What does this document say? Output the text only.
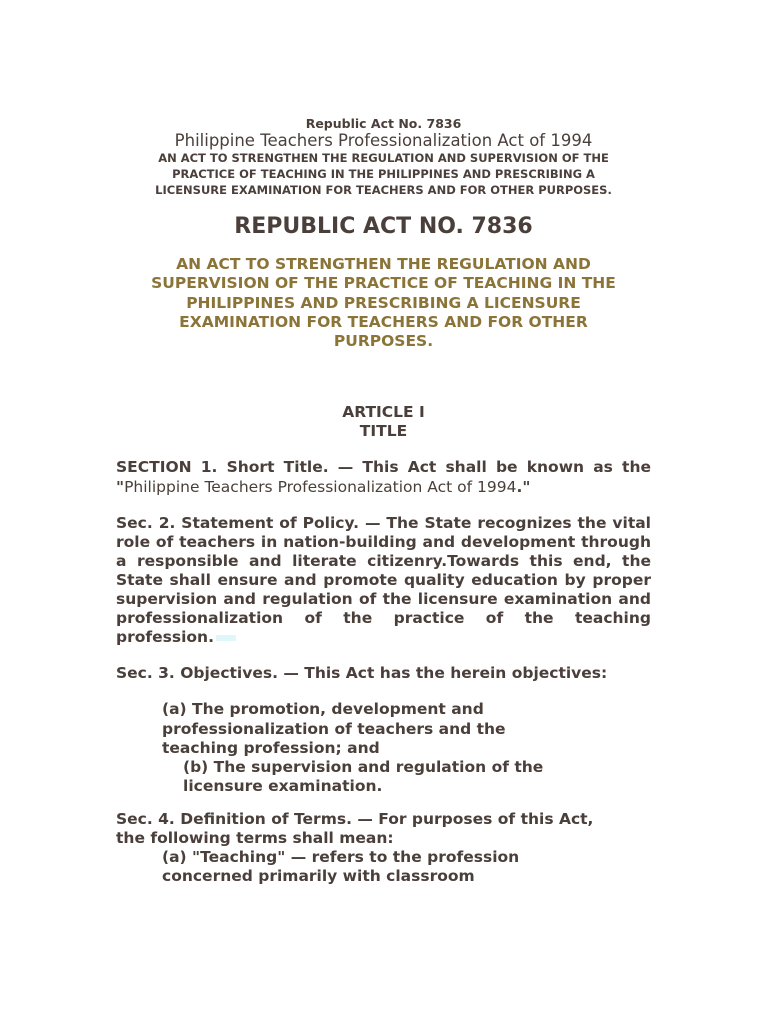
Republic Act No. 7836
Philippine Teachers Professionalization Act of 1994
AN ACT TO STRENGTHEN THE REGULATION AND SUPERVISION OF THE
PRACTICE OF TEACHING IN THE PHILIPPINES AND PRESCRIBING A
LICENSURE EXAMINATION FOR TEACHERS AND FOR OTHER PURPOSES.
REPUBLIC ACT NO. 7836
AN ACT TO STRENGTHEN THE REGULATION AND
SUPERVISION OF THE PRACTICE OF TEACHING IN THE
PHILIPPINES AND PRESCRIBING A LICENSURE
EXAMINATION FOR TEACHERS AND FOR OTHER
PURPOSES.
ARTICLE I
TITLE
SECTION 1. Short Title. — This Act shall be known as the "Philippine Teachers Professionalization Act of 1994."
Sec. 2. Statement of Policy. — The State recognizes the vital role of teachers in nation-building and development through a responsible and literate citizenry.Towards this end, the State shall ensure and promote quality education by proper supervision and regulation of the licensure examination and professionalization of the practice of the teaching profession.
Sec. 3. Objectives. — This Act has the herein objectives:
(a) The promotion, development and professionalization of teachers and the teaching profession; and
(b) The supervision and regulation of the licensure examination.
Sec. 4. Definition of Terms. — For purposes of this Act, the following terms shall mean:
(a) "Teaching" — refers to the profession concerned primarily with classroom
